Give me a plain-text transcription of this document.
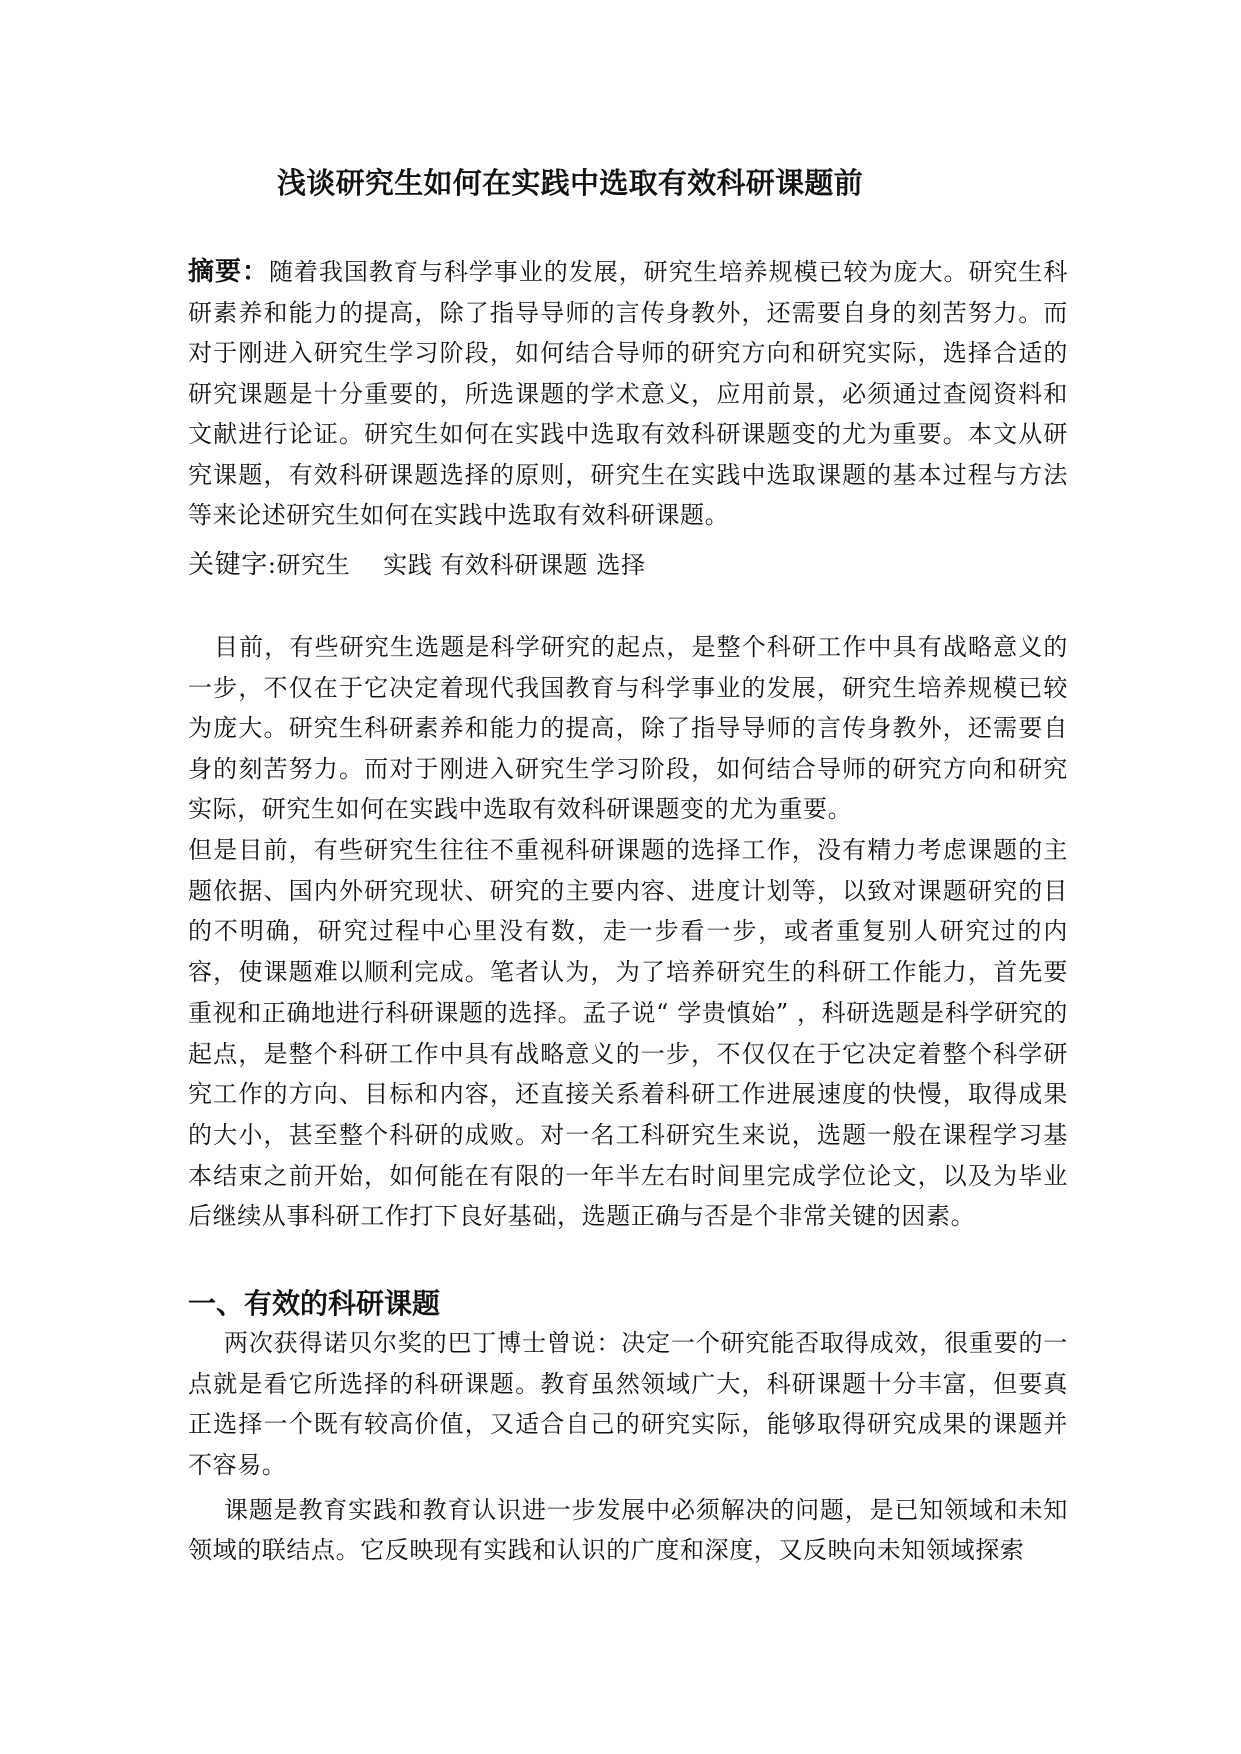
浅谈研究生如何在实践中选取有效科研课题前

摘要：随着我国教育与科学事业的发展，研究生培养规模已较为庞大。研究生科研素养和能力的提高，除了指导导师的言传身教外，还需要自身的刻苦努力。而对于刚进入研究生学习阶段，如何结合导师的研究方向和研究实际，选择合适的研究课题是十分重要的，所选课题的学术意义，应用前景，必须通过查阅资料和文献进行论证。研究生如何在实践中选取有效科研课题变的尤为重要。本文从研究课题，有效科研课题选择的原则，研究生在实践中选取课题的基本过程与方法等来论述研究生如何在实践中选取有效科研课题。

关键字:研究生　 实践 有效科研课题 选择

目前，有些研究生选题是科学研究的起点，是整个科研工作中具有战略意义的一步，不仅在于它决定着现代我国教育与科学事业的发展，研究生培养规模已较为庞大。研究生科研素养和能力的提高，除了指导导师的言传身教外，还需要自身的刻苦努力。而对于刚进入研究生学习阶段，如何结合导师的研究方向和研究实际，研究生如何在实践中选取有效科研课题变的尤为重要。

但是目前，有些研究生往往不重视科研课题的选择工作，没有精力考虑课题的主题依据、国内外研究现状、研究的主要内容、进度计划等，以致对课题研究的目的不明确，研究过程中心里没有数，走一步看一步，或者重复别人研究过的内容，使课题难以顺利完成。笔者认为，为了培养研究生的科研工作能力，首先要重视和正确地进行科研课题的选择。孟子说“ 学贵慎始” ，科研选题是科学研究的起点，是整个科研工作中具有战略意义的一步，不仅仅在于它决定着整个科学研究工作的方向、目标和内容，还直接关系着科研工作进展速度的快慢，取得成果的大小，甚至整个科研的成败。对一名工科研究生来说，选题一般在课程学习基本结束之前开始，如何能在有限的一年半左右时间里完成学位论文，以及为毕业后继续从事科研工作打下良好基础，选题正确与否是个非常关键的因素。

一、有效的科研课题

两次获得诺贝尔奖的巴丁博士曾说：决定一个研究能否取得成效，很重要的一点就是看它所选择的科研课题。教育虽然领域广大，科研课题十分丰富，但要真正选择一个既有较高价值，又适合自己的研究实际，能够取得研究成果的课题并不容易。

课题是教育实践和教育认识进一步发展中必须解决的问题，是已知领域和未知领域的联结点。它反映现有实践和认识的广度和深度，又反映向未知领域探索
